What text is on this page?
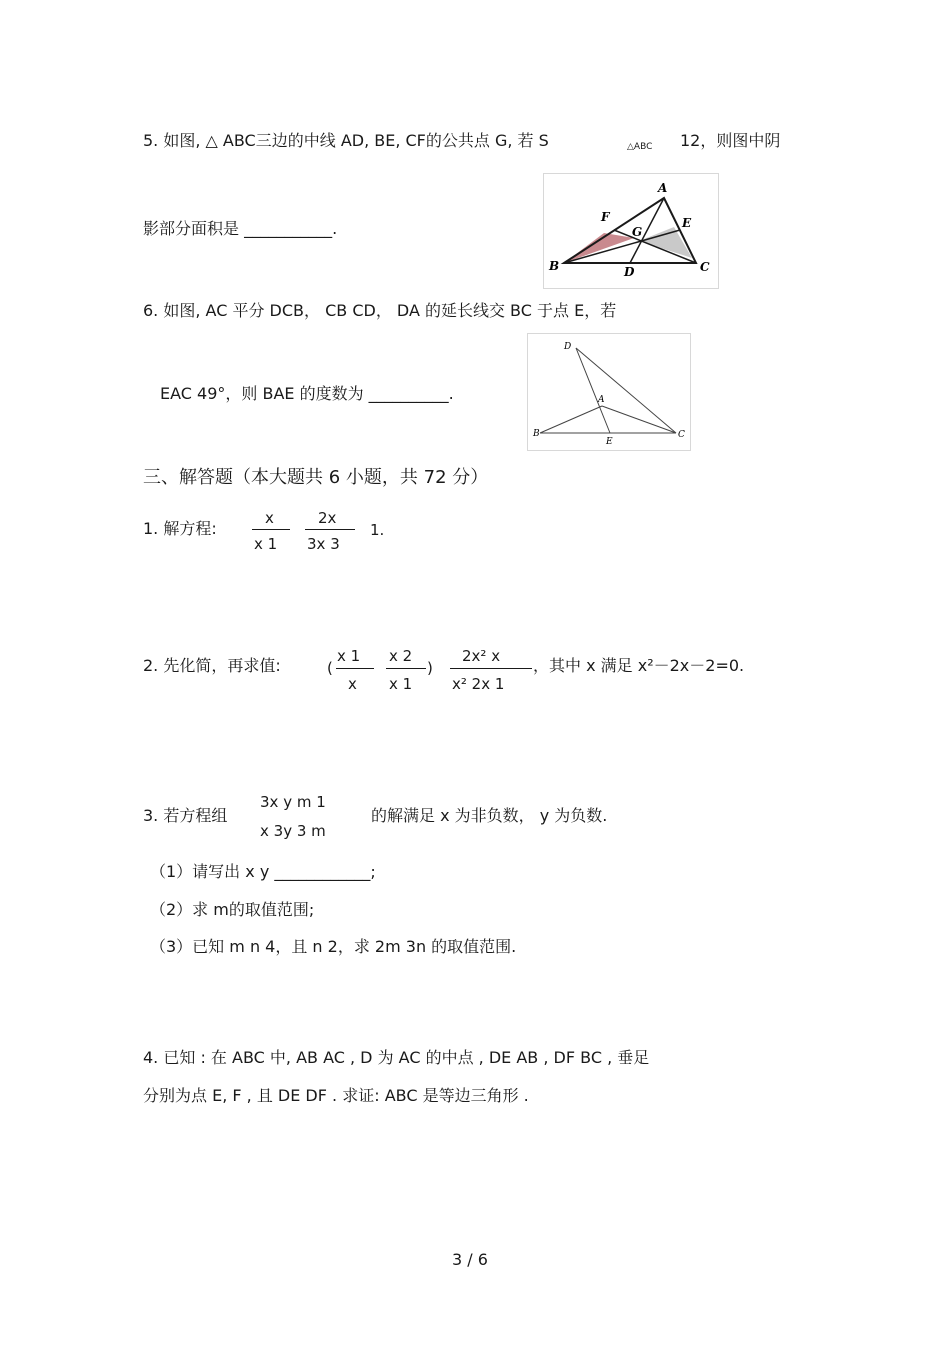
5. 如图, △ ABC三边的中线 AD, BE, CF的公共点 G, 若 S	△ABC 12，则图中阴
影部分面积是 ___________.
A
B	C
D
E
F
G
6. 如图, AC 平分 DCB， CB CD， DA 的延长线交 BC 于点 E，若
EAC 49°，则 BAE 的度数为 __________.
D
A
B	C
E
三、解答题（本大题共 6 小题，共 72 分）
1. 解方程:
x
x 1
2x
3x 3
1.
2. 先化简，再求值:	(
x 1
x
x 2
x 1
)
2x² x
x² 2x 1
，其中 x 满足 x²－2x－2=0.
3. 若方程组
3x y m 1
x 3y 3 m
的解满足 x 为非负数， y 为负数.
（1）请写出 x y ____________;
（2）求 m的取值范围;
（3）已知 m n 4，且 n 2，求 2m 3n 的取值范围.
4. 已知 : 在 ABC 中, AB AC , D 为 AC 的中点 , DE AB , DF BC , 垂足
分别为点 E, F , 且 DE DF . 求证: ABC 是等边三角形 .
3 / 6
